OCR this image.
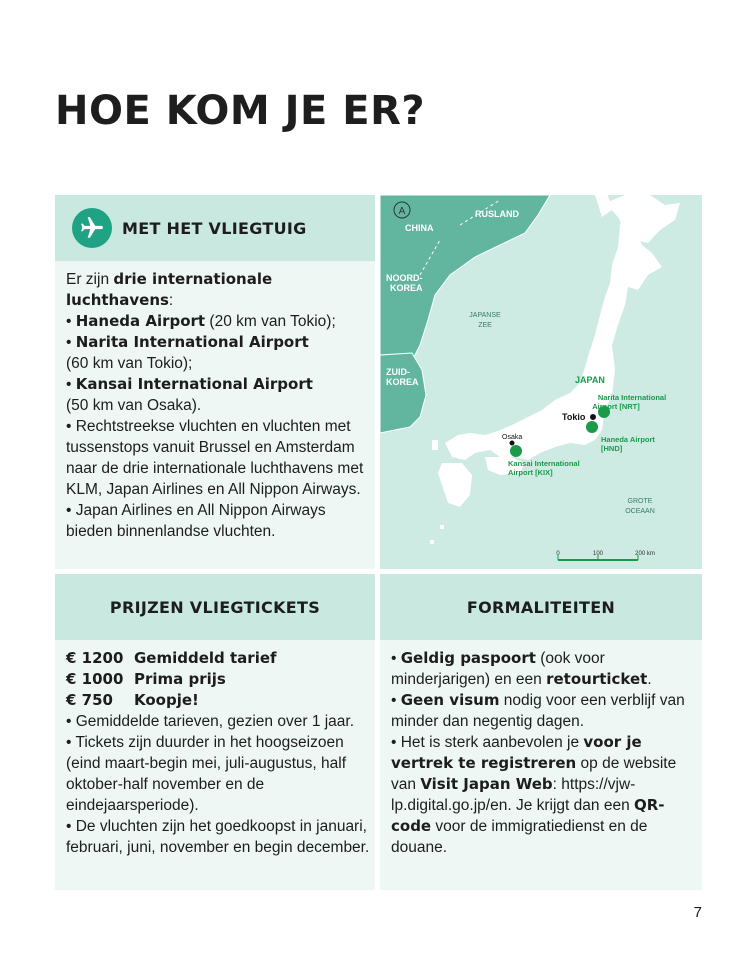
HOE KOM JE ER?
MET HET VLIEGTUIG

Er zijn drie internationale luchthavens:

• Haneda Airport (20 km van Tokio);

• Narita International Airport
(60 km van Tokio);

• Kansai International Airport
(50 km van Osaka).

• Rechtstreekse vluchten en vluchten met tussenstops vanuit Brussel en Amsterdam naar de drie internationale luchthavens met KLM, Japan Airlines en All Nippon Airways.

• Japan Airlines en All Nippon Airways bieden binnenlandse vluchten.

A
CHINA
RUSLAND
NOORD-
KOREA
ZUID-
KOREA
JAPANSE
ZEE
JAPAN
GROTE
OCEAAN
Tokio
Osaka
Narita International
Airport [NRT]
Haneda Airport
[HND]
Kansai International
Airport [KIX]
0	100	200 km
PRIJZEN VLIEGTICKETS
€ 1200 Gemiddeld tarief
€ 1000 Prima prijs
€ 750	Koopje!

• Gemiddelde tarieven, gezien over 1 jaar.

• Tickets zijn duurder in het hoogseizoen (eind maart-begin mei, juli-augustus, half oktober-half november en de eindejaarsperiode).

• De vluchten zijn het goedkoopst in januari, februari, juni, november en begin december.

FORMALITEITEN

• Geldig paspoort (ook voor minderjarigen) en een retourticket.

• Geen visum nodig voor een verblijf van minder dan negentig dagen.

• Het is sterk aanbevolen je voor je vertrek te registreren op de website van Visit Japan Web: https://vjw-lp.digital.go.jp/en. Je krijgt dan een QR-code voor de immigratiedienst en de douane.

7
